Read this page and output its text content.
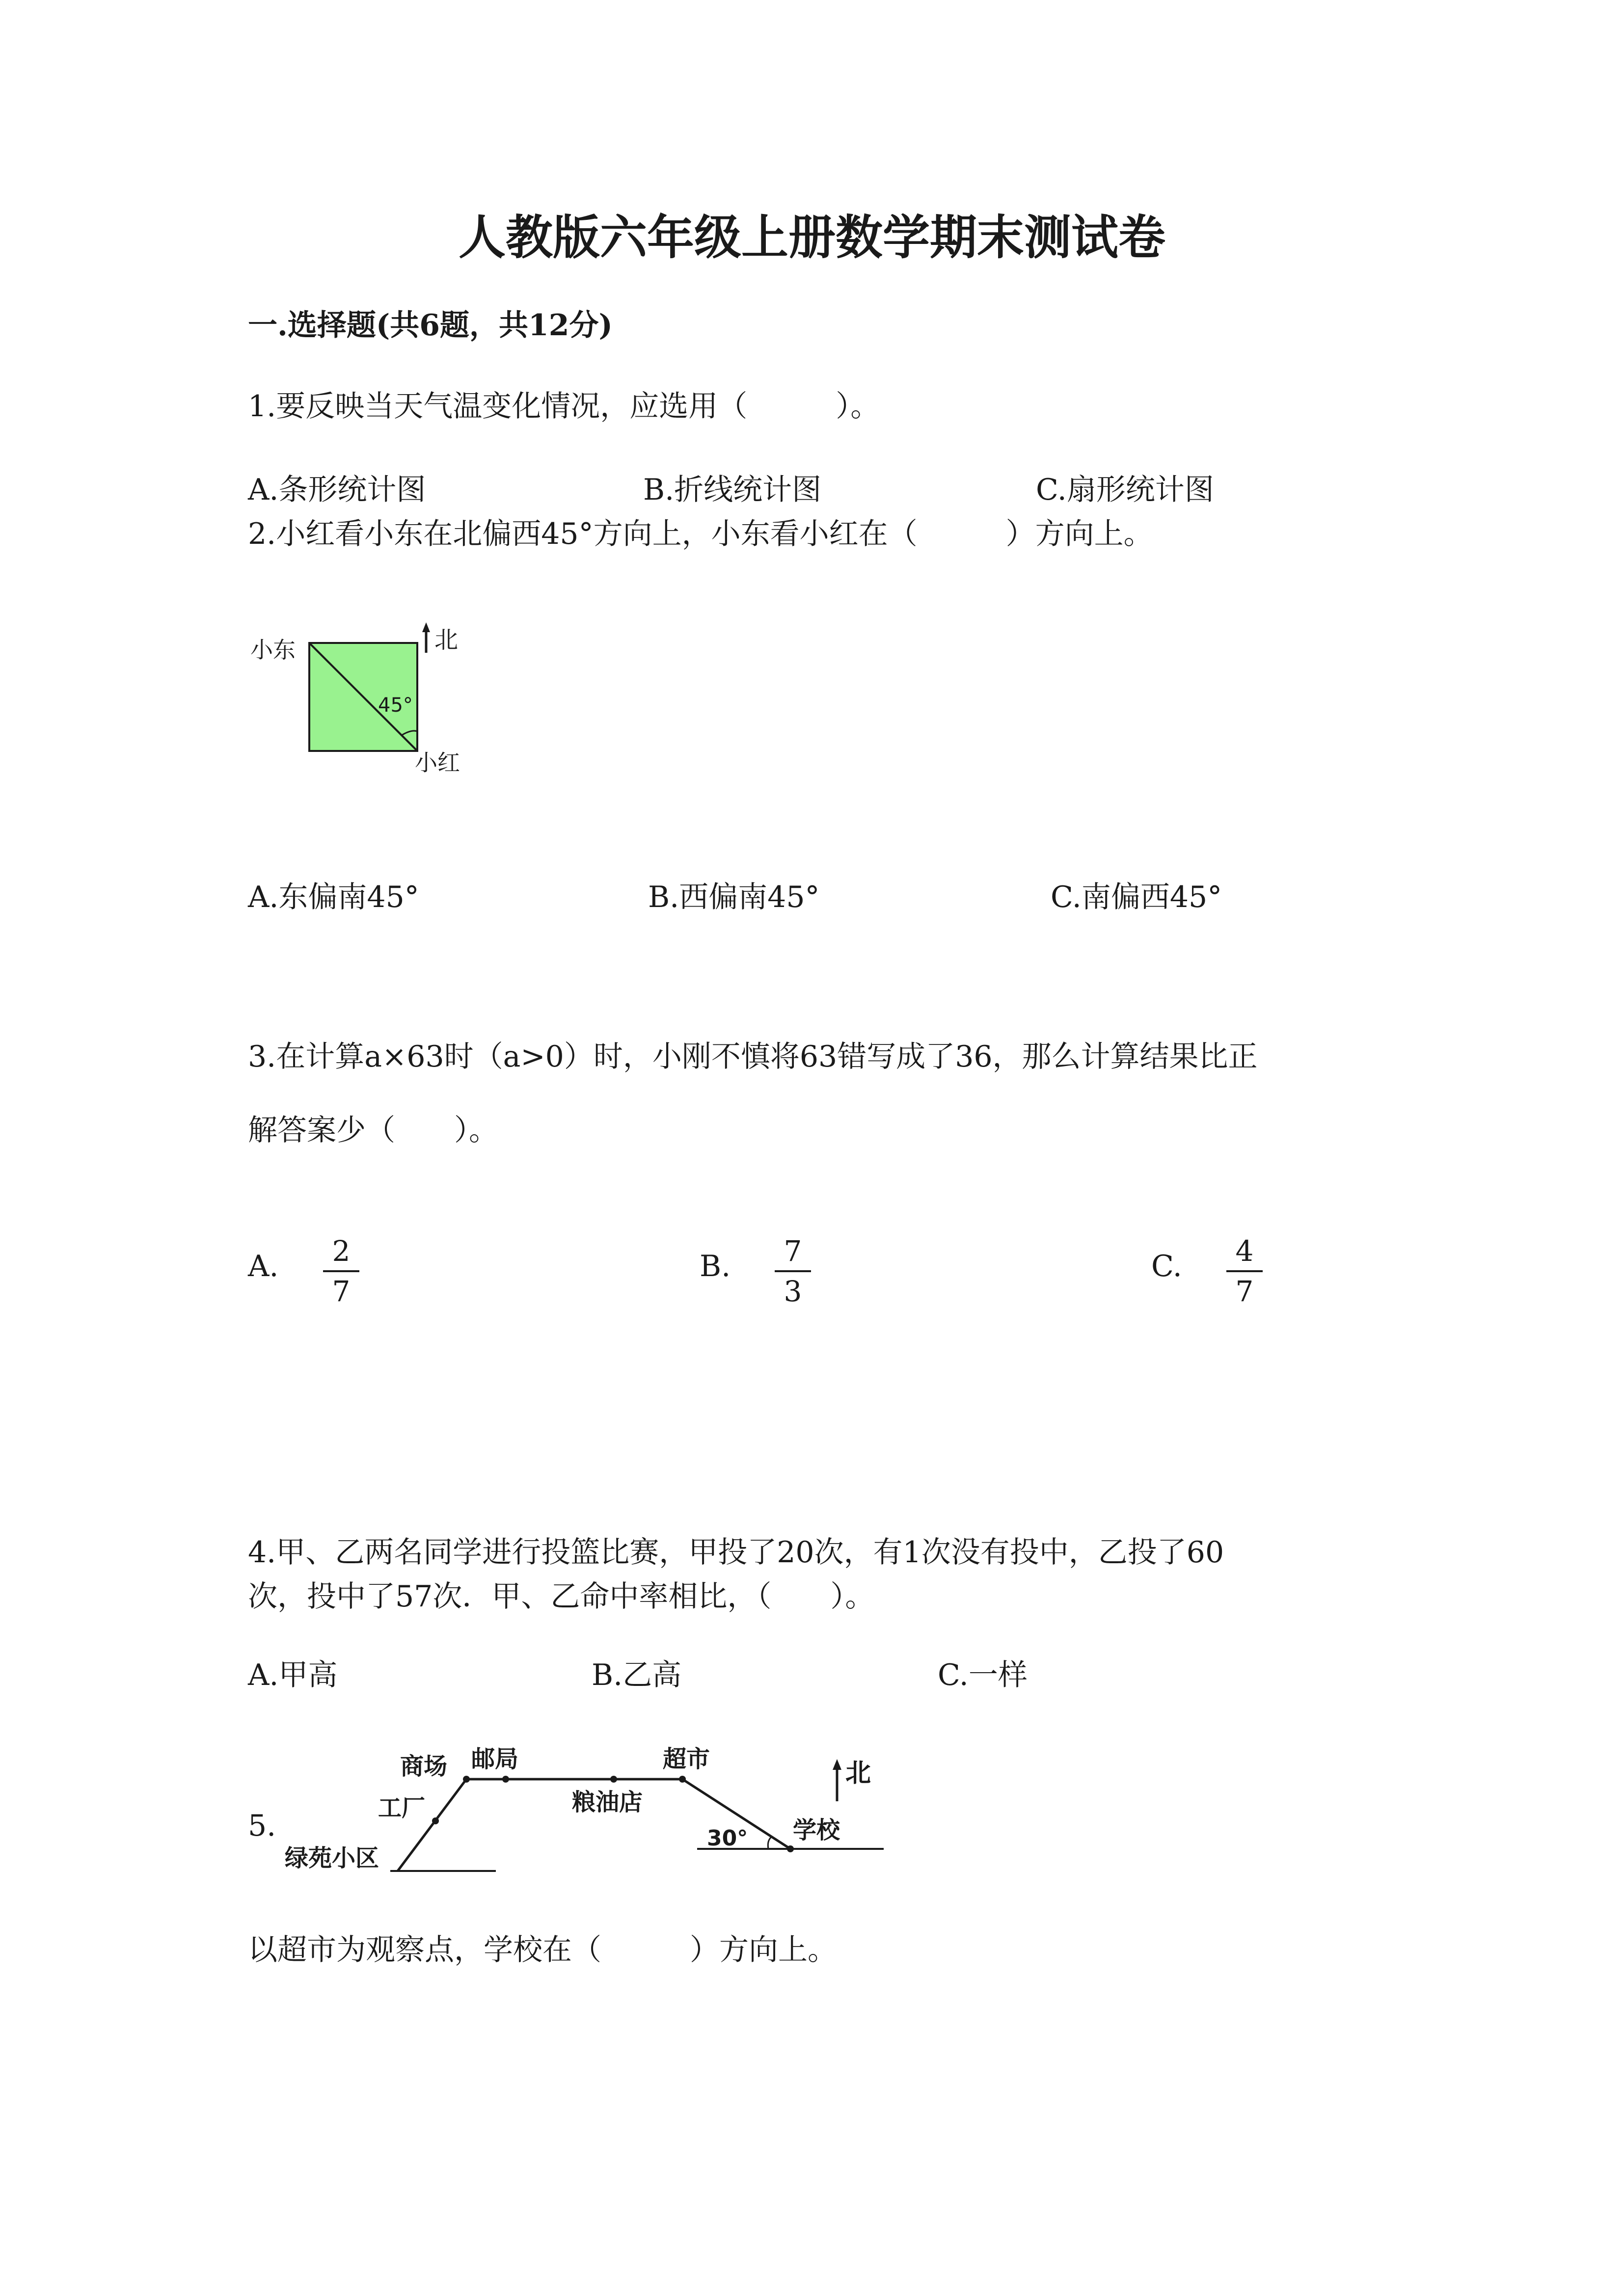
人教版六年级上册数学期末测试卷
一.选择题(共6题，共12分)
1.要反映当天气温变化情况，应选用（　　　）。
A.条形统计图	B.折线统计图	C.扇形统计图
2.小红看小东在北偏西45°方向上，小东看小红在（　　　）方向上。
北
小东
45°
小红
A.东偏南45°	B.西偏南45°	C.南偏西45°
3.在计算a×63时（a>0）时，小刚不慎将63错写成了36，那么计算结果比正
解答案少（　　）。
A.	2
7
B.	7
3
C.	4
7
4.甲、乙两名同学进行投篮比赛，甲投了20次，有1次没有投中，乙投了60
次，投中了57次．甲、乙命中率相比，（　　）。
A.甲高	B.乙高	C.一样
5.
北
商场 邮局	超市
工厂	粮油店
学校
绿苑小区
30°
以超市为观察点，学校在（　　　）方向上。
